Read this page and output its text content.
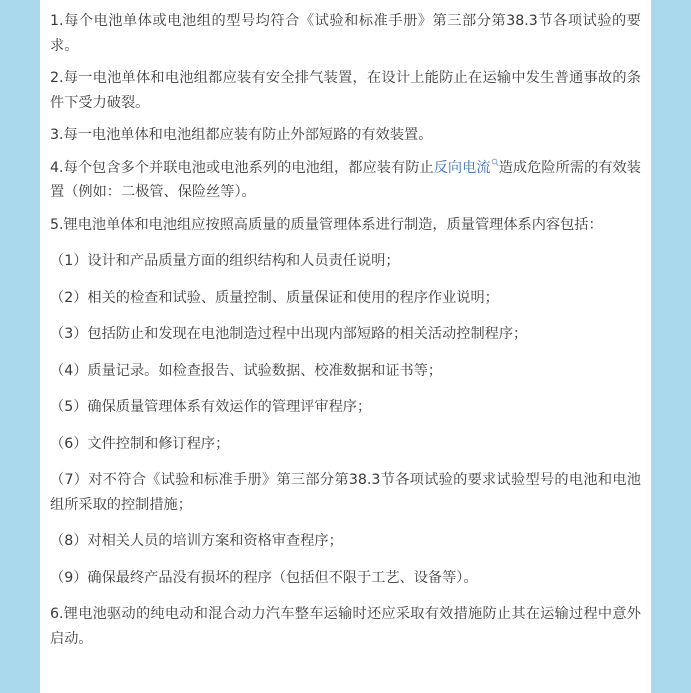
1.每个电池单体或电池组的型号均符合《试验和标准手册》第三部分第38.3节各项试验的要求。

2.每一电池单体和电池组都应装有安全排气装置，在设计上能防止在运输中发生普通事故的条件下受力破裂。

3.每一电池单体和电池组都应装有防止外部短路的有效装置。

4.每个包含多个并联电池或电池系列的电池组，都应装有防止反向电流 造成危险所需的有效装置（例如：二极管、保险丝等）。

5.锂电池单体和电池组应按照高质量的质量管理体系进行制造，质量管理体系内容包括：

（1）设计和产品质量方面的组织结构和人员责任说明；

（2）相关的检查和试验、质量控制、质量保证和使用的程序作业说明；

（3）包括防止和发现在电池制造过程中出现内部短路的相关活动控制程序；

（4）质量记录。如检查报告、试验数据、校准数据和证书等；

（5）确保质量管理体系有效运作的管理评审程序；

（6）文件控制和修订程序；

（7）对不符合《试验和标准手册》第三部分第38.3节各项试验的要求试验型号的电池和电池组所采取的控制措施；

（8）对相关人员的培训方案和资格审查程序；

（9）确保最终产品没有损坏的程序（包括但不限于工艺、设备等）。

6.锂电池驱动的纯电动和混合动力汽车整车运输时还应采取有效措施防止其在运输过程中意外启动。
